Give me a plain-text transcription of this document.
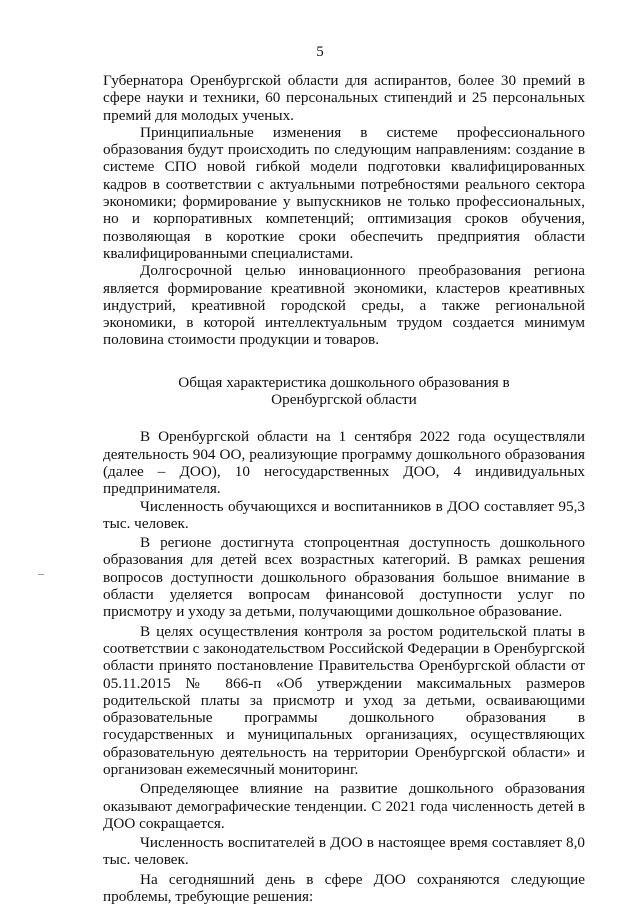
5

Губернатора Оренбургской области для аспирантов, более 30 премий в сфере науки и техники, 60 персональных стипендий и 25 персональных премий для молодых ученых.

Принципиальные изменения в системе профессионального образования будут происходить по следующим направлениям: создание в системе СПО новой гибкой модели подготовки квалифицированных кадров в соответствии с актуальными потребностями реального сектора экономики; формирование у выпускников не только профессиональных, но и корпоративных компетенций; оптимизация сроков обучения, позволяющая в короткие сроки обеспечить предприятия области квалифицированными специалистами.

Долгосрочной целью инновационного преобразования региона является формирование креативной экономики, кластеров креативных индустрий, креативной городской среды, а также региональной экономики, в которой интеллектуальным трудом создается минимум половина стоимости продукции и товаров.

Общая характеристика дошкольного образования в
Оренбургской области

В Оренбургской области на 1 сентября 2022 года осуществляли деятельность 904 ОО, реализующие программу дошкольного образования (далее – ДОО), 10 негосударственных ДОО, 4 индивидуальных предпринимателя.

Численность обучающихся и воспитанников в ДОО составляет 95,3 тыс. человек.

В регионе достигнута стопроцентная доступность дошкольного образования для детей всех возрастных категорий. В рамках решения вопросов доступности дошкольного образования большое внимание в области уделяется вопросам финансовой доступности услуг по присмотру и уходу за детьми, получающими дошкольное образование.

В целях осуществления контроля за ростом родительской платы в соответствии с законодательством Российской Федерации в Оренбургской области принято постановление Правительства Оренбургской области от 05.11.2015 № 866-п «Об утверждении максимальных размеров родительской платы за присмотр и уход за детьми, осваивающими образовательные программы дошкольного образования в государственных и муниципальных организациях, осуществляющих образовательную деятельность на территории Оренбургской области» и организован ежемесячный мониторинг.

Определяющее влияние на развитие дошкольного образования оказывают демографические тенденции. С 2021 года численность детей в ДОО сокращается.

Численность воспитателей в ДОО в настоящее время составляет 8,0 тыс. человек.

На сегодняшний день в сфере ДОО сохраняются следующие проблемы, требующие решения:
